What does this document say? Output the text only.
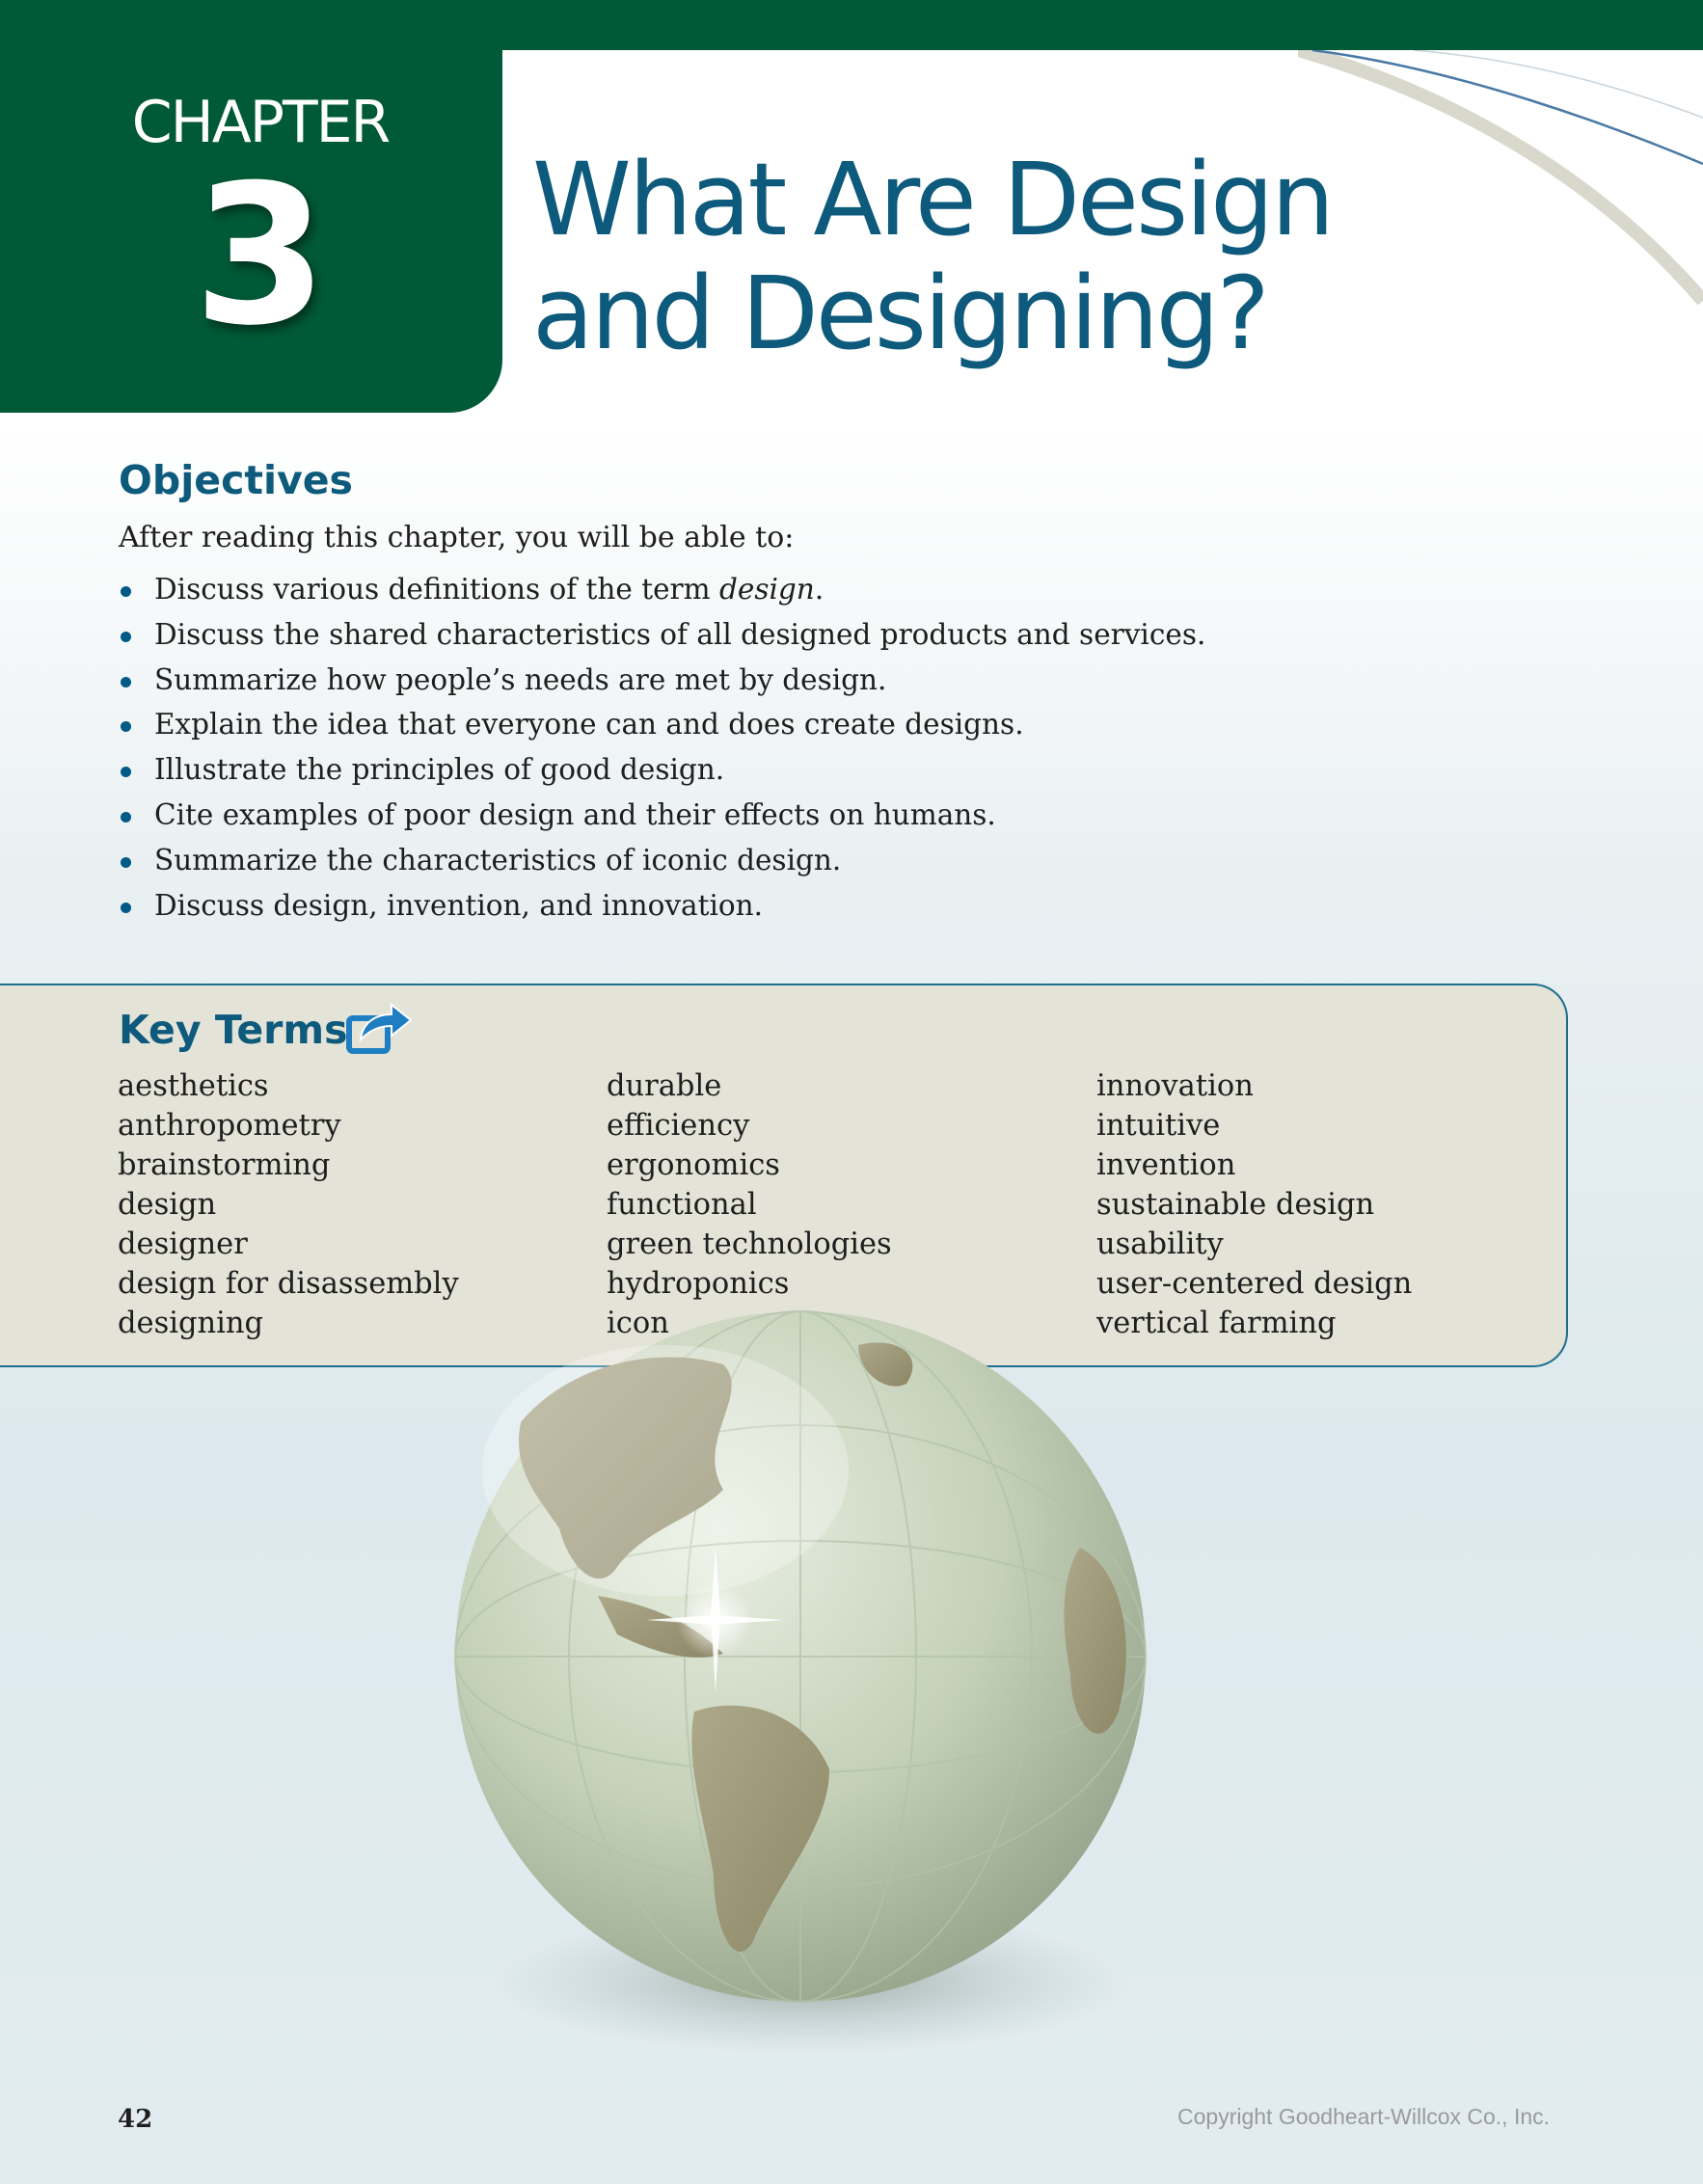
CHAPTER
3	What Are Design
and Designing?
Objectives
After reading this chapter, you will be able to:
Discuss various definitions of the term design.
Discuss the shared characteristics of all designed products and services.
Summarize how people’s needs are met by design.
Explain the idea that everyone can and does create designs.
Illustrate the principles of good design.
Cite examples of poor design and their effects on humans.
Summarize the characteristics of iconic design.
Discuss design, invention, and innovation.
Key Terms
aesthetics
anthropometry
brainstorming
design
designer
design for disassembly
designing
durable
efficiency
ergonomics
functional
green technologies
hydroponics
icon
innovation
intuitive
invention
sustainable design
usability
user-centered design
vertical farming
42	Copyright Goodheart-Willcox Co., Inc.
